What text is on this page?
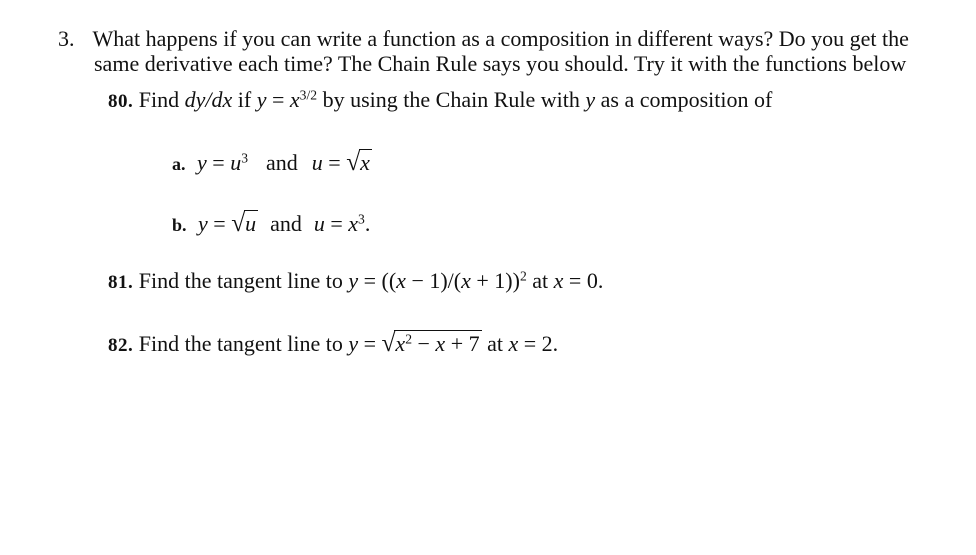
3. What happens if you can write a function as a composition in different ways? Do you get the
same derivative each time? The Chain Rule says you should. Try it with the functions below
80. Find dy/dx if $y = x^{3/2}$ by using the Chain Rule with y as a composition of
a. $y = u^3$ and u = √x
b. y = √u and $u = x^3$.
81. Find the tangent line to $y = ((x - 1)/(x + 1))^2$ at x = 0.
82. Find the tangent line to $y = √x^2 - x + 7$ at x = 2.
